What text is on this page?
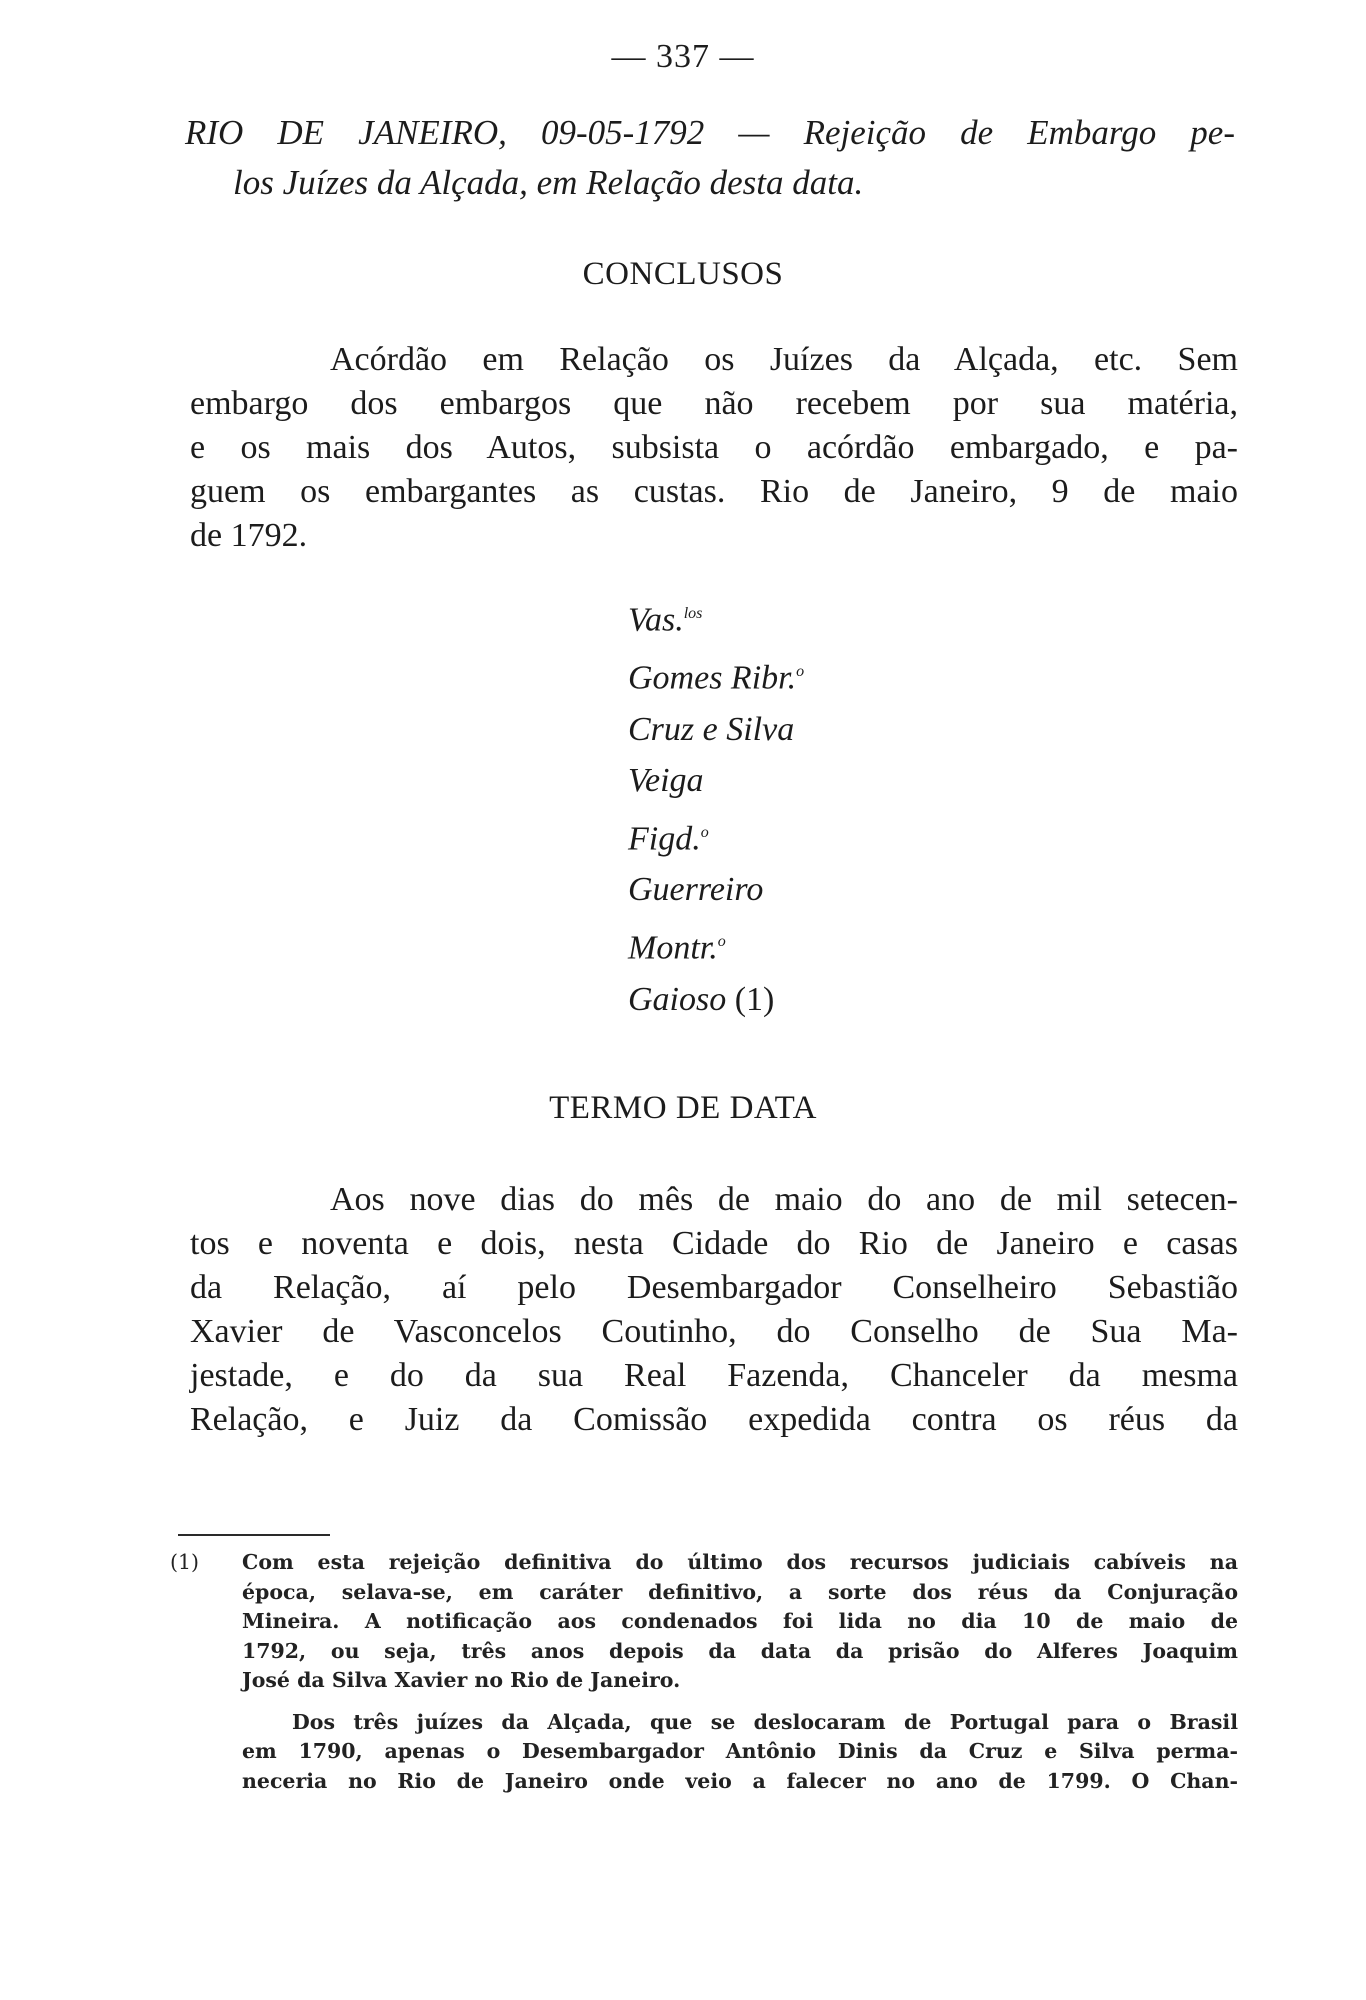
— 337 —
RIO DE JANEIRO, 09-05-1792 — Rejeição de Embargo pe-
los Juízes da Alçada, em Relação desta data.
CONCLUSOS
Acórdão em Relação os Juízes da Alçada, etc. Sem
embargo dos embargos que não recebem por sua matéria,
e os mais dos Autos, subsista o acórdão embargado, e pa-
guem os embargantes as custas. Rio de Janeiro, 9 de maio
de 1792.
Vas.$^{los}$
Gomes Ribr.$^o$
Cruz e Silva
Veiga
Figd.$^o$
Guerreiro
Montr.$^o$
Gaioso (1)
TERMO DE DATA
Aos nove dias do mês de maio do ano de mil setecen-
tos e noventa e dois, nesta Cidade do Rio de Janeiro e casas
da Relação, aí pelo Desembargador Conselheiro Sebastião
Xavier de Vasconcelos Coutinho, do Conselho de Sua Ma-
jestade, e do da sua Real Fazenda, Chanceler da mesma
Relação, e Juiz da Comissão expedida contra os réus da
(1) Com esta rejeição definitiva do último dos recursos judiciais cabíveis na
época, selava-se, em caráter definitivo, a sorte dos réus da Conjuração
Mineira. A notificação aos condenados foi lida no dia 10 de maio de
1792, ou seja, três anos depois da data da prisão do Alferes Joaquim
José da Silva Xavier no Rio de Janeiro.
Dos três juízes da Alçada, que se deslocaram de Portugal para o Brasil
em 1790, apenas o Desembargador Antônio Dinis da Cruz e Silva perma-
neceria no Rio de Janeiro onde veio a falecer no ano de 1799. O Chan-
